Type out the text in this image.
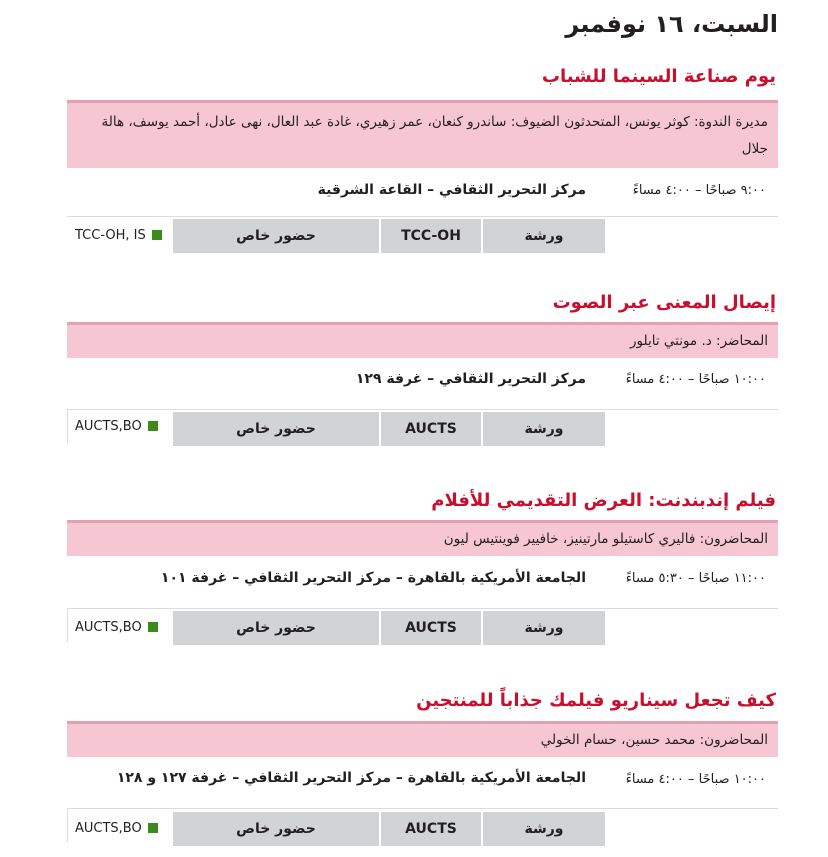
السبت، ١٦ نوفمبر
يوم صناعة السينما للشباب
مديرة الندوة: كوثر يونس، المتحدثون الضيوف: ساندرو كنعان، عمر زهيري، غادة عبد العال، نهى عادل، أحمد يوسف، هالة جلال
٩:٠٠ صباحًا – ٤:٠٠ مساءً
مركز التحرير الثقافي – القاعة الشرقية
ورشة
TCC-OH
حضور خاص
TCC-OH, IS
إيصال المعنى عبر الصوت
المحاضر: د. مونتي تايلور
١٠:٠٠ صباحًا – ٤:٠٠ مساءً
مركز التحرير الثقافي – غرفة ١٢٩
ورشة
AUCTS
حضور خاص
AUCTS,BO
فيلم إندبندنت: العرض التقديمي للأفلام
المحاضرون: فاليري كاستيلو مارتينيز، خافيير فوينتيس ليون
١١:٠٠ صباحًا – ٥:٣٠ مساءً
الجامعة الأمريكية بالقاهرة – مركز التحرير الثقافي – غرفة ١٠١
ورشة
AUCTS
حضور خاص
AUCTS,BO
كيف تجعل سيناريو فيلمك جذاباً للمنتجين
المحاضرون: محمد حسين، حسام الخولي
١٠:٠٠ صباحًا – ٤:٠٠ مساءً
الجامعة الأمريكية بالقاهرة – مركز التحرير الثقافي – غرفة ١٢٧ و ١٢٨
ورشة
AUCTS
حضور خاص
AUCTS,BO
